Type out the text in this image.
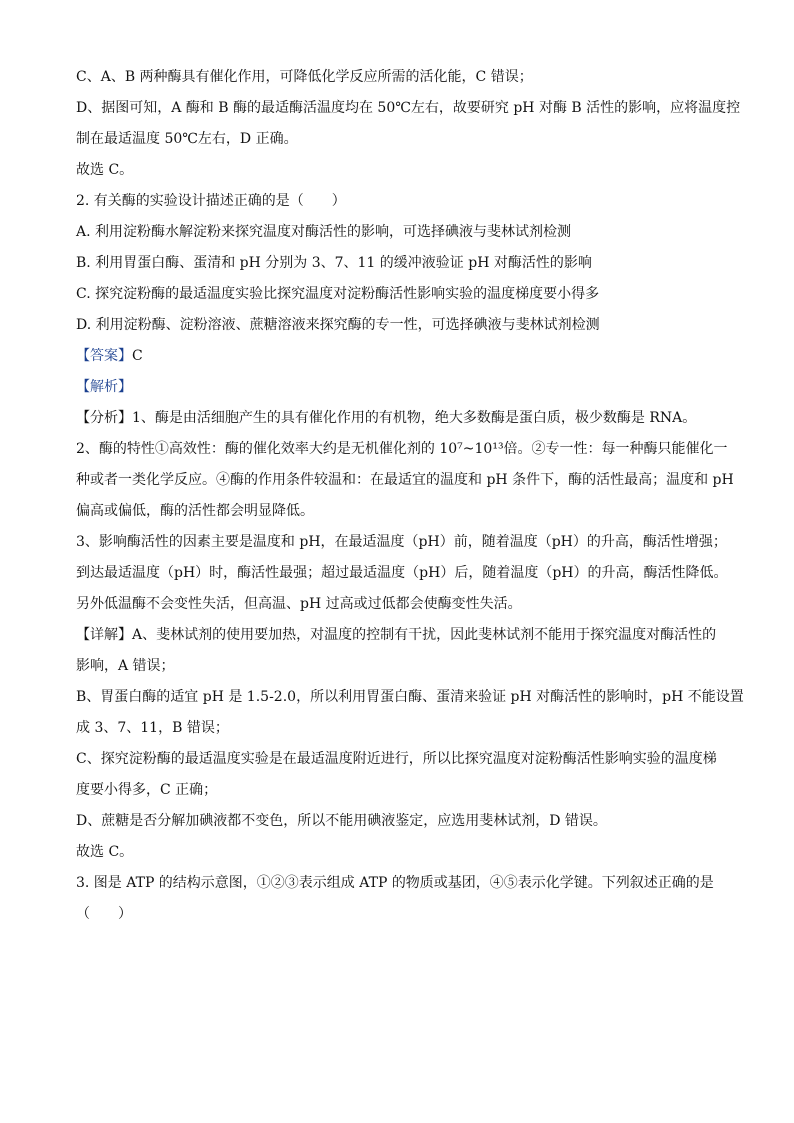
C、A、B 两种酶具有催化作用，可降低化学反应所需的活化能，C 错误；
D、据图可知，A 酶和 B 酶的最适酶活温度均在 50℃左右，故要研究 pH 对酶 B 活性的影响，应将温度控
制在最适温度 50℃左右，D 正确。
故选 C。
2. 有关酶的实验设计描述正确的是（　　）
A. 利用淀粉酶水解淀粉来探究温度对酶活性的影响，可选择碘液与斐林试剂检测
B. 利用胃蛋白酶、蛋清和 pH 分别为 3、7、11 的缓冲液验证 pH 对酶活性的影响
C. 探究淀粉酶的最适温度实验比探究温度对淀粉酶活性影响实验的温度梯度要小得多
D. 利用淀粉酶、淀粉溶液、蔗糖溶液来探究酶的专一性，可选择碘液与斐林试剂检测
【答案】C
【解析】
【分析】1、酶是由活细胞产生的具有催化作用的有机物，绝大多数酶是蛋白质，极少数酶是 RNA。
2、酶的特性①高效性：酶的催化效率大约是无机催化剂的 10⁷~10¹³倍。②专一性：每一种酶只能催化一
种或者一类化学反应。④酶的作用条件较温和：在最适宜的温度和 pH 条件下，酶的活性最高；温度和 pH
偏高或偏低，酶的活性都会明显降低。
3、影响酶活性的因素主要是温度和 pH，在最适温度（pH）前，随着温度（pH）的升高，酶活性增强；
到达最适温度（pH）时，酶活性最强；超过最适温度（pH）后，随着温度（pH）的升高，酶活性降低。
另外低温酶不会变性失活，但高温、pH 过高或过低都会使酶变性失活。
【详解】A、斐林试剂的使用要加热，对温度的控制有干扰，因此斐林试剂不能用于探究温度对酶活性的
影响，A 错误；
B、胃蛋白酶的适宜 pH 是 1.5-2.0，所以利用胃蛋白酶、蛋清来验证 pH 对酶活性的影响时，pH 不能设置
成 3、7、11，B 错误；
C、探究淀粉酶的最适温度实验是在最适温度附近进行，所以比探究温度对淀粉酶活性影响实验的温度梯
度要小得多，C 正确；
D、蔗糖是否分解加碘液都不变色，所以不能用碘液鉴定，应选用斐林试剂，D 错误。
故选 C。
3. 图是 ATP 的结构示意图，①②③表示组成 ATP 的物质或基团，④⑤表示化学键。下列叙述正确的是
（　　）
